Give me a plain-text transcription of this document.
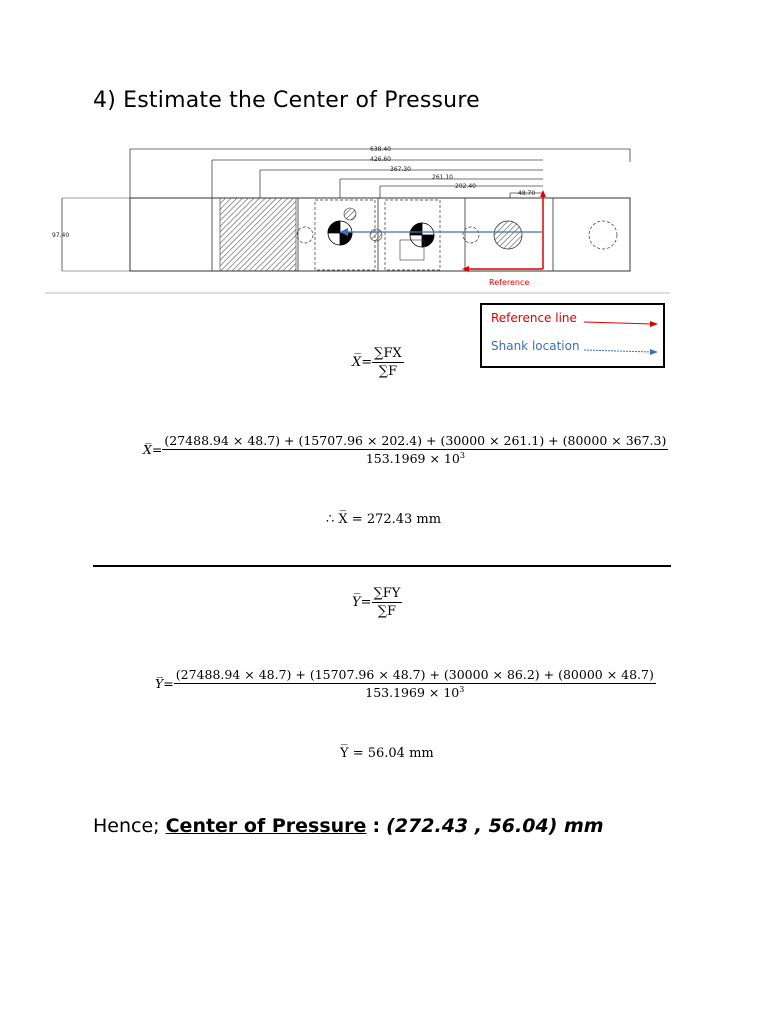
4) Estimate the Center of Pressure
638.40
426.60
367.30
261.10
202.40
48.70
97.40
Reference
Reference line
Shank location
X̅= $\frac{\sum FX}{\sum F}$
X̅=
(27488.94 × 48.7) + (15707.96 × 202.4) + (30000 × 261.1) + (80000 × 367.3)
$153.1969 \times 10^3$
∴ X̅ = 272.43 mm
Y̅= $\frac{\sum FY}{\sum F}$
Y̅=
(27488.94 × 48.7) + (15707.96 × 48.7) + (30000 × 86.2) + (80000 × 48.7)
$153.1969 \times 10^3$
Y̅ = 56.04 mm
Hence; Center of Pressure : (272.43 , 56.04) mm
